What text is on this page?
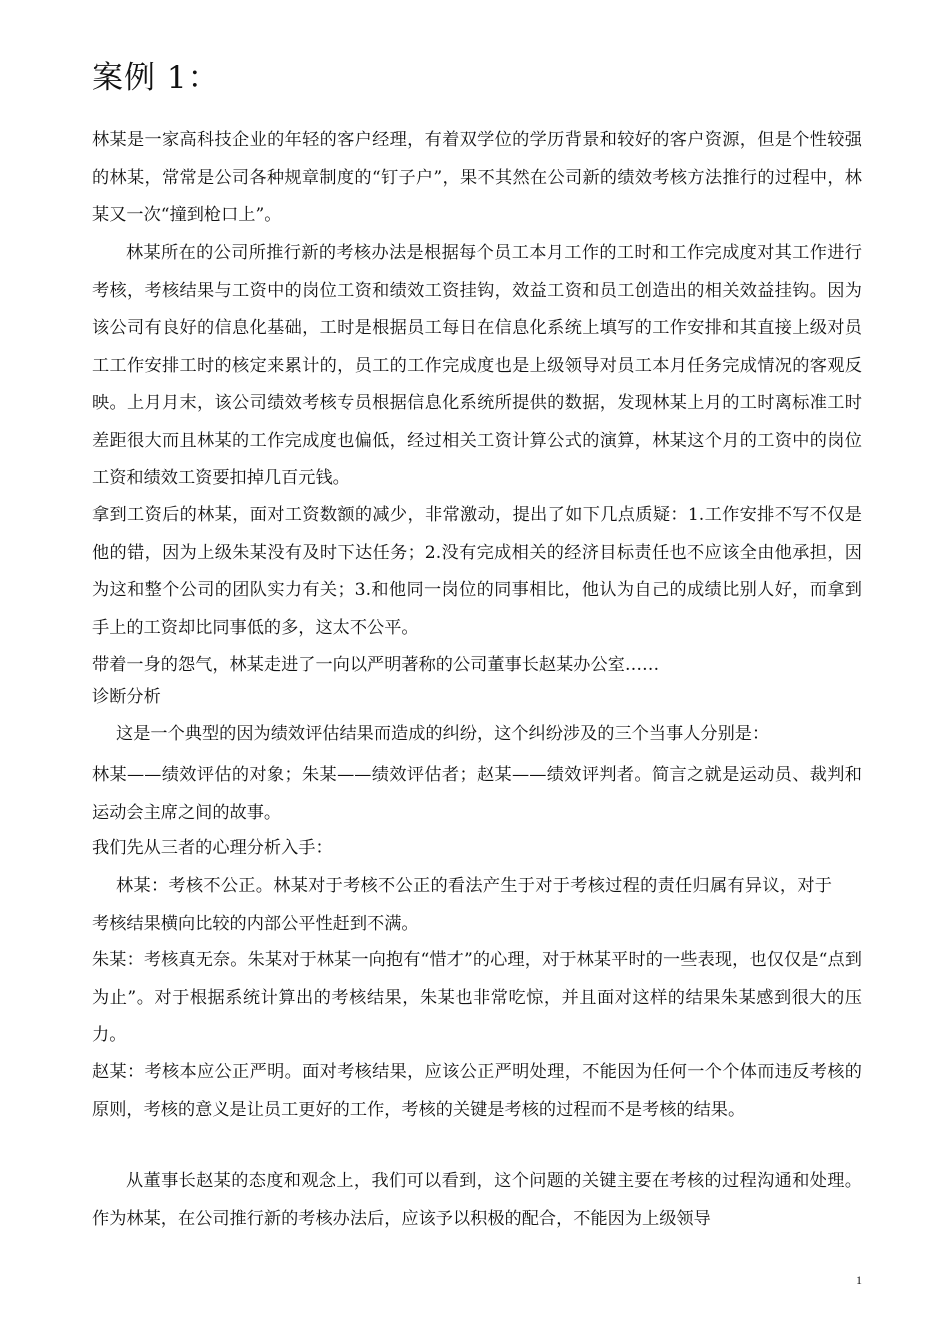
案例 1：

林某是一家高科技企业的年轻的客户经理，有着双学位的学历背景和较好的客户资源，但是个性较强的林某，常常是公司各种规章制度的“钉子户”，果不其然在公司新的绩效考核方法推行的过程中，林某又一次“撞到枪口上”。

林某所在的公司所推行新的考核办法是根据每个员工本月工作的工时和工作完成度对其工作进行考核，考核结果与工资中的岗位工资和绩效工资挂钩，效益工资和员工创造出的相关效益挂钩。因为该公司有良好的信息化基础，工时是根据员工每日在信息化系统上填写的工作安排和其直接上级对员工工作安排工时的核定来累计的，员工的工作完成度也是上级领导对员工本月任务完成情况的客观反映。上月月末，该公司绩效考核专员根据信息化系统所提供的数据，发现林某上月的工时离标准工时差距很大而且林某的工作完成度也偏低，经过相关工资计算公式的演算，林某这个月的工资中的岗位工资和绩效工资要扣掉几百元钱。

拿到工资后的林某，面对工资数额的减少，非常激动，提出了如下几点质疑：1.工作安排不写不仅是他的错，因为上级朱某没有及时下达任务；2.没有完成相关的经济目标责任也不应该全由他承担，因为这和整个公司的团队实力有关；3.和他同一岗位的同事相比，他认为自己的成绩比别人好，而拿到手上的工资却比同事低的多，这太不公平。

带着一身的怨气，林某走进了一向以严明著称的公司董事长赵某办公室……

诊断分析

这是一个典型的因为绩效评估结果而造成的纠纷，这个纠纷涉及的三个当事人分别是：

林某——绩效评估的对象；朱某——绩效评估者；赵某——绩效评判者。简言之就是运动员、裁判和运动会主席之间的故事。

我们先从三者的心理分析入手：

林某：考核不公正。林某对于考核不公正的看法产生于对于考核过程的责任归属有异议，对于考核结果横向比较的内部公平性赶到不满。

朱某：考核真无奈。朱某对于林某一向抱有“惜才”的心理，对于林某平时的一些表现，也仅仅是“点到为止”。对于根据系统计算出的考核结果，朱某也非常吃惊，并且面对这样的结果朱某感到很大的压力。

赵某：考核本应公正严明。面对考核结果，应该公正严明处理，不能因为任何一个个体而违反考核的原则，考核的意义是让员工更好的工作，考核的关键是考核的过程而不是考核的结果。

从董事长赵某的态度和观念上，我们可以看到，这个问题的关键主要在考核的过程沟通和处理。作为林某，在公司推行新的考核办法后，应该予以积极的配合，不能因为上级领导

1
